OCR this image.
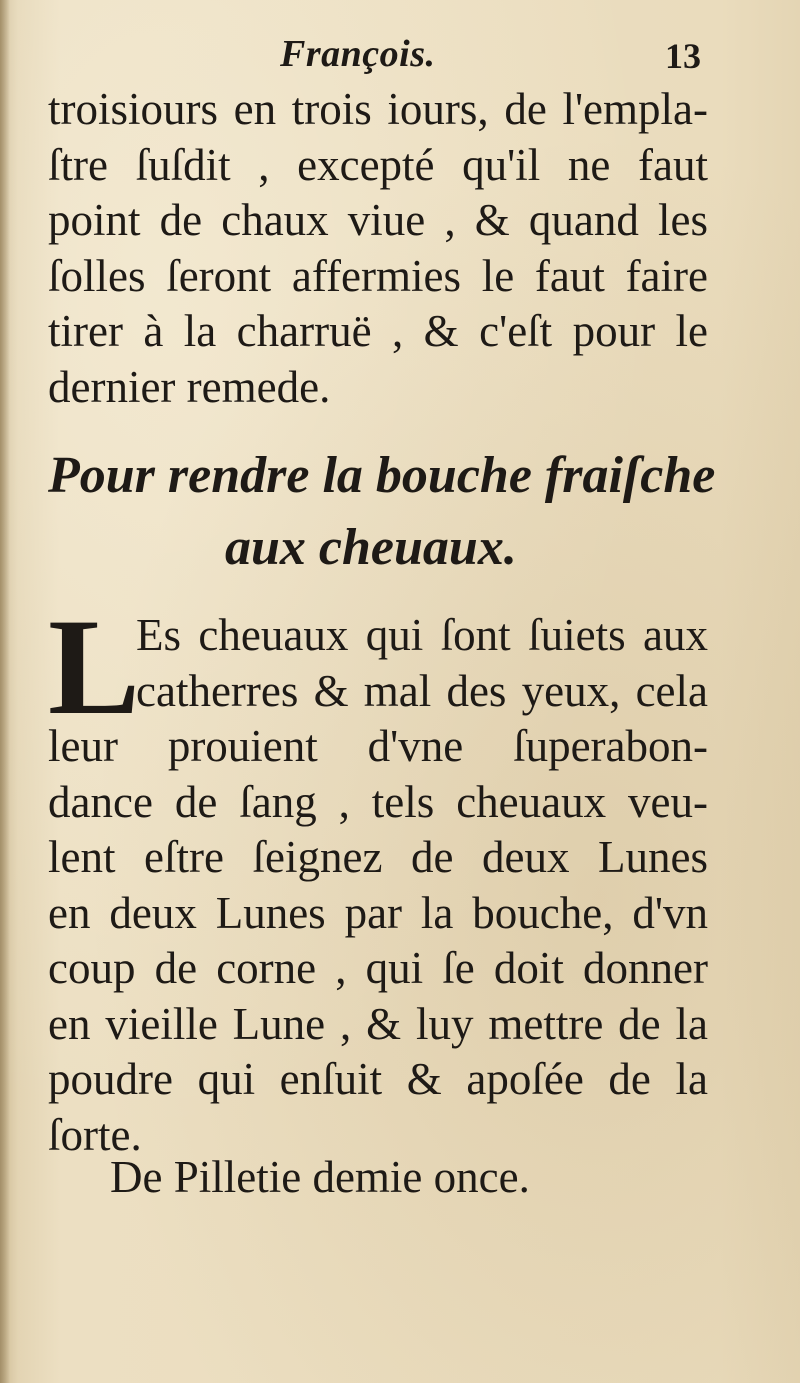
François.	13
troisiours en trois iours, de l'empla-
ſtre ſuſdit , excepté qu'il ne faut
point de chaux viue , & quand les
ſolles ſeront affermies le faut faire
tirer à la charruë , & c'eſt pour le
dernier remede.
Pour rendre la bouche fraiſche
aux cheuaux.
L
Es cheuaux qui ſont ſuiets aux
catherres & mal des yeux, cela
leur prouient d'vne ſuperabon-
dance de ſang , tels cheuaux veu-
lent eſtre ſeignez de deux Lunes
en deux Lunes par la bouche, d'vn
coup de corne , qui ſe doit donner
en vieille Lune , & luy mettre de la
poudre qui enſuit & apoſée de la
ſorte.
De Pilletie demie once.
